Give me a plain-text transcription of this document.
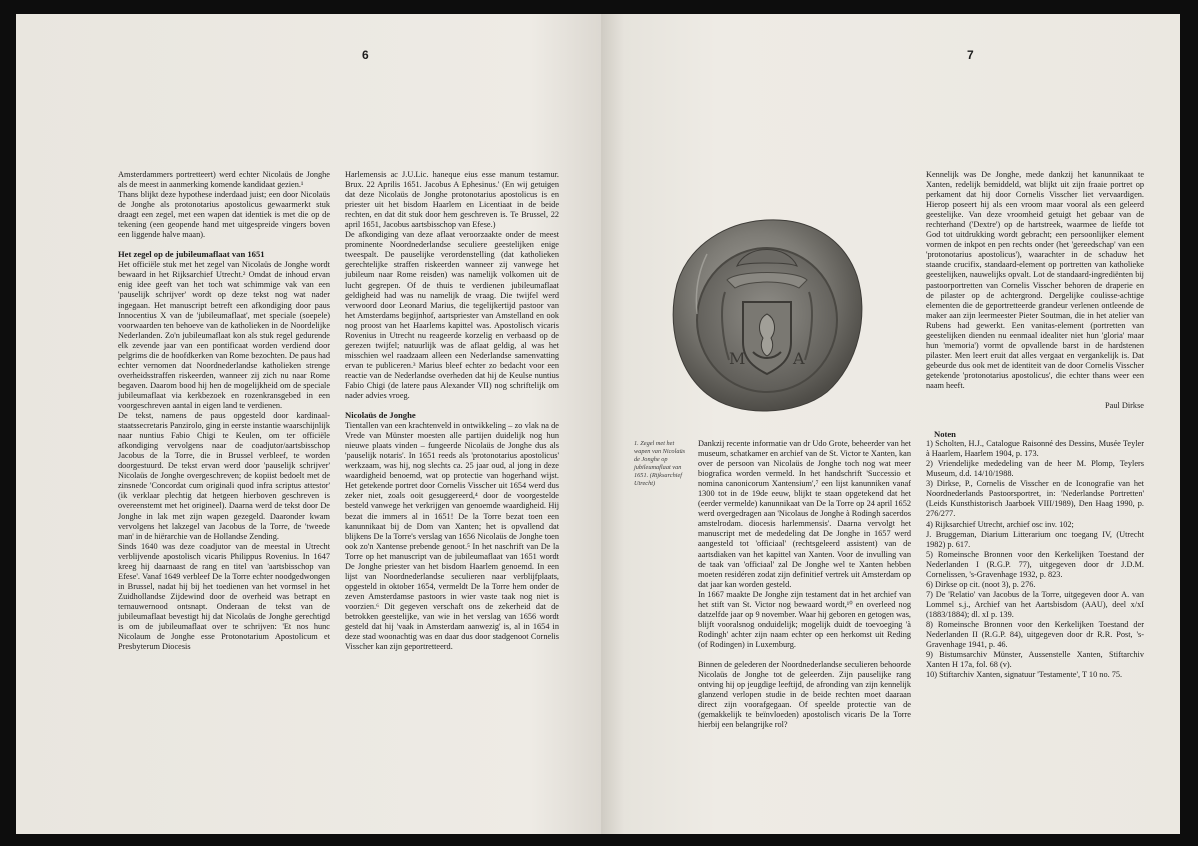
6

Amsterdammers portretteert) werd echter Nicolaüs de Jonghe als de meest in aanmerking komende kandidaat gezien.¹

Thans blijkt deze hypothese inderdaad juist; een door Nicolaüs de Jonghe als protonotarius apostolicus gewaarmerkt stuk draagt een zegel, met een wapen dat identiek is met die op de tekening (een geopende hand met uitgespreide vingers boven een liggende halve maan).

Het zegel op de jubileumaflaat van 1651

Het officiële stuk met het zegel van Nicolaüs de Jonghe wordt bewaard in het Rijksarchief Utrecht.² Omdat de inhoud ervan enig idee geeft van het toch wat schimmige vak van een 'pauselijk schrijver' wordt op deze tekst nog wat nader ingegaan. Het manuscript betreft een afkondiging door paus Innocentius X van de 'jubileumaflaat', met speciale (soepele) voorwaarden ten behoeve van de katholieken in de Noordelijke Nederlanden. Zo'n jubileumaflaat kon als stuk regel gedurende elk zevende jaar van een pontificaat worden verdiend door pelgrims die de hoofdkerken van Rome bezochten. De paus had echter vernomen dat Noordnederlandse katholieken strenge overheidsstraffen riskeerden, wanneer zij zich nu naar Rome begaven. Daarom bood hij hen de mogelijkheid om de speciale jubileumaflaat via kerkbezoek en rozenkransgebed in een voorgeschreven aantal in eigen land te verdienen.

De tekst, namens de paus opgesteld door kardinaal-staatssecretaris Panzirolo, ging in eerste instantie waarschijnlijk naar nuntius Fabio Chigi te Keulen, om ter officiële afkondiging vervolgens naar de coadjutor/aartsbisschop Jacobus de la Torre, die in Brussel verbleef, te worden doorgestuurd. De tekst ervan werd door 'pauselijk schrijver' Nicolaüs de Jonghe overgeschreven; de kopiist bedoelt met de zinsnede 'Concordat cum originali quod infra scriptus attestor' (ik verklaar plechtig dat hetgeen hierboven geschreven is overeenstemt met het origineel). Daarna werd de tekst door De Jonghe in lak met zijn wapen gezegeld. Daaronder kwam vervolgens het lakzegel van Jacobus de la Torre, de 'tweede man' in de hiërarchie van de Hollandse Zending.

Sinds 1640 was deze coadjutor van de meestal in Utrecht verblijvende apostolisch vicaris Philippus Rovenius. In 1647 kreeg hij daarnaast de rang en titel van 'aartsbisschop van Efese'. Vanaf 1649 verbleef De la Torre echter noodgedwongen in Brussel, nadat hij bij het toedienen van het vormsel in het Zuidhollandse Zijdewind door de overheid was betrapt en ternauwernood ontsnapt. Onderaan de tekst van de jubileumaflaat bevestigt hij dat Nicolaüs de Jonghe gerechtigd is om de jubileumaflaat over te schrijven: 'Et nos hunc Nicolaum de Jonghe esse Protonotarium Apostolicum et Presbyterum Diocesis

Harlemensis ac J.U.Lic. haneque eius esse manum testamur. Brux. 22 Aprilis 1651. Jacobus A Ephesinus.' (En wij getuigen dat deze Nicolaüs de Jonghe protonotarius apostolicus is en priester uit het bisdom Haarlem en Licentiaat in de beide rechten, en dat dit stuk door hem geschreven is. Te Brussel, 22 april 1651, Jacobus aartsbisschop van Efese.)

De afkondiging van deze aflaat veroorzaakte onder de meest prominente Noordnederlandse seculiere geestelijken enige tweespalt. De pauselijke verordenstelling (dat katholieken gerechtelijke straffen riskeerden wanneer zij vanwege het jubileum naar Rome reisden) was namelijk volkomen uit de lucht gegrepen. Of de thuis te verdienen jubileumaflaat geldigheid had was nu namelijk de vraag. Die twijfel werd verwoord door Leonard Marius, die tegelijkertijd pastoor van het Amsterdams begijnhof, aartspriester van Amstelland en ook nog proost van het Haarlems kapittel was. Apostolisch vicaris Rovenius in Utrecht nu reageerde korzelig en verbaasd op de gerezen twijfel; natuurlijk was de aflaat geldig, al was het misschien wel raadzaam alleen een Nederlandse samenvatting ervan te publiceren.³ Marius bleef echter zo bedacht voor een reactie van de Nederlandse overheden dat hij de Keulse nuntius Fabio Chigi (de latere paus Alexander VII) nog schriftelijk om nader advies vroeg.

Nicolaüs de Jonghe

Tientallen van een krachtenveld in ontwikkeling – zo vlak na de Vrede van Münster moesten alle partijen duidelijk nog hun nieuwe plaats vinden – fungeerde Nicolaüs de Jonghe dus als 'pauselijk notaris'. In 1651 reeds als 'protonotarius apostolicus' werkzaam, was hij, nog slechts ca. 25 jaar oud, al jong in deze waardigheid benoemd, wat op protectie van hogerhand wijst. Het getekende portret door Cornelis Visscher uit 1654 werd dus zeker niet, zoals ooit gesuggereerd,⁴ door de voorgestelde besteld vanwege het verkrijgen van genoemde waardigheid. Hij bezat die immers al in 1651! De la Torre bezat toen een kanunnikaat bij de Dom van Xanten; het is opvallend dat blijkens De la Torre's verslag van 1656 Nicolaüs de Jonghe toen ook zo'n Xantense prebende genoot.⁵ In het naschrift van De la Torre op het manuscript van de jubileumaflaat van 1651 wordt De Jonghe priester van het bisdom Haarlem genoemd. In een lijst van Noordnederlandse seculieren naar verblijfplaats, opgesteld in oktober 1654, vermeldt De la Torre hem onder de zeven Amsterdamse pastoors in wier vaste taak nog niet is voorzien.⁶ Dit gegeven verschaft ons de zekerheid dat de betrokken geestelijke, van wie in het verslag van 1656 wordt gesteld dat hij 'vaak in Amsterdam aanwezig' is, al in 1654 in deze stad woonachtig was en daar dus door stadgenoot Cornelis Visscher kan zijn geportretteerd.

7
M	A
1. Zegel met het wapen van Nicolaüs de Jonghe op jubileumaflaat van 1651. (Rijksarchief Utrecht)

Dankzij recente informatie van dr Udo Grote, beheerder van het museum, schatkamer en archief van de St. Victor te Xanten, kan over de persoon van Nicolaüs de Jonghe toch nog wat meer biografica worden vermeld. In het handschrift 'Successio et nomina canonicorum Xantensium',⁷ een lijst kanunniken vanaf 1300 tot in de 19de eeuw, blijkt te staan opgetekend dat het (eerder vermelde) kanunnikaat van De la Torre op 24 april 1652 werd overgedragen aan 'Nicolaus de Jonghe à Rodingh sacerdos amstelrodam. diocesis harlemmensis'. Daarna vervolgt het manuscript met de mededeling dat De Jonghe in 1657 werd aangesteld tot 'officiaal' (rechtsgeleerd assistent) van de aartsdiaken van het kapittel van Xanten. Voor de invulling van de taak van 'officiaal' zal De Jonghe wel te Xanten hebben moeten residéren zodat zijn definitief vertrek uit Amsterdam op dat jaar kan worden gesteld.

In 1667 maakte De Jonghe zijn testament dat in het archief van het stift van St. Victor nog bewaard wordt,¹⁰ en overleed nog datzelfde jaar op 9 november. Waar hij geboren en getogen was, blijft vooralsnog onduidelijk; mogelijk duidt de toevoeging 'à Rodingh' achter zijn naam echter op een herkomst uit Reding (of Rodingen) in Luxemburg.

Binnen de gelederen der Noordnederlandse seculieren behoorde Nicolaüs de Jonghe tot de geleerden. Zijn pauselijke rang ontving hij op jeugdige leeftijd, de afronding van zijn kennelijk glanzend verlopen studie in de beide rechten moet daaraan direct zijn voorafgegaan. Of speelde protectie van de (gemakkelijk te beïnvloeden) apostolisch vicaris De la Torre hierbij een belangrijke rol?

Kennelijk was De Jonghe, mede dankzij het kanunnikaat te Xanten, redelijk bemiddeld, wat blijkt uit zijn fraaie portret op perkament dat hij door Cornelis Visscher liet vervaardigen. Hierop poseert hij als een vroom maar vooral als een geleerd geestelijke. Van deze vroomheid getuigt het gebaar van de rechterhand ('Dextre') op de hartstreek, waarmee de liefde tot God tot uitdrukking wordt gebracht; een persoonlijker element vormen de inkpot en pen rechts onder (het 'gereedschap' van een 'protonotarius apostolicus'), waarachter in de schaduw het staande crucifix, standaard-element op portretten van katholieke geestelijken, nauwelijks opvalt. Lot de standaard-ingrediënten bij pastoorportretten van Cornelis Visscher behoren de draperie en de pilaster op de achtergrond. Dergelijke coulisse-achtige elementen die de geportretteerde grandeur verlenen ontleende de maker aan zijn leermeester Pieter Soutman, die in het atelier van Rubens had gewerkt. Een vanitas-element (portretten van geestelijken dienden nu eenmaal idealiter niet hun 'gloria' maar hun 'memoria') vormt de opvallende barst in de hardstenen pilaster. Men leert eruit dat alles vergaat en vergankelijk is. Dat gebeurde dus ook met de identiteit van de door Cornelis Visscher getekende 'protonotarius apostolicus', die echter thans weer een naam heeft.

Paul Dirkse

Noten

1) Scholten, H.J., Catalogue Raisonné des Dessins, Musée Teyler à Haarlem, Haarlem 1904, p. 173.

2) Vriendelijke mededeling van de heer M. Plomp, Teylers Museum, d.d. 14/10/1988.

3) Dirkse, P., Cornelis de Visscher en de Iconografie van het Noordnederlands Pastoorsportret, in: 'Nederlandse Portretten' (Leids Kunsthistorisch Jaarboek VIII/1989), Den Haag 1990, p. 276/277.

4) Rijksarchief Utrecht, archief osc inv. 102;

J. Bruggeman, Diarium Litterarium onc toegang IV, (Utrecht 1982) p. 617.

5) Romeinsche Bronnen voor den Kerkelijken Toestand der Nederlanden I (R.G.P. 77), uitgegeven door dr J.D.M. Cornelissen, 's-Gravenhage 1932, p. 823.

6) Dirkse op cit. (noot 3), p. 276.

7) De 'Relatio' van Jacobus de la Torre, uitgegeven door A. van Lommel s.j., Archief van het Aartsbisdom (AAU), deel x/xI (1883/1884); dl. xI p. 139.

8) Romeinsche Bronnen voor den Kerkelijken Toestand der Nederlanden II (R.G.P. 84), uitgegeven door dr R.R. Post, 's-Gravenhage 1941, p. 46.

9) Bistumsarchiv Münster, Aussenstelle Xanten, Stiftarchiv Xanten H 17a, fol. 68 (v).

10) Stiftarchiv Xanten, signatuur 'Testamente', T 10 no. 75.
